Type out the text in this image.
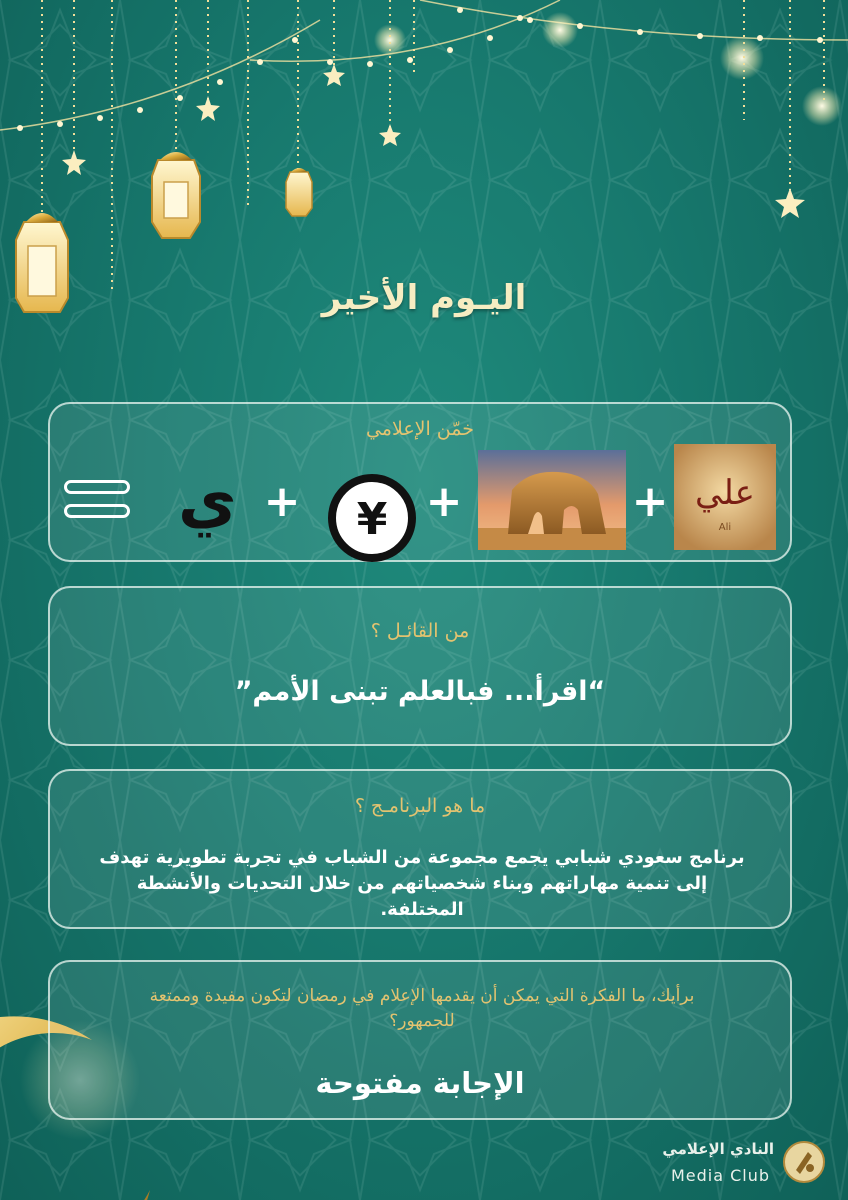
اليـوم الأخير
خمّن الإعلامي
ي + ¥ +	+ علي
Ali
من القائـل ؟
“اقرأ... فبالعلم تبنى الأمم”
ما هو البرنامـج ؟
برنامج سعودي شبابي يجمع مجموعة من الشباب في تجربة تطويرية تهدف إلى تنمية مهاراتهم وبناء شخصياتهم من خلال التحديات والأنشطة المختلفة.
برأيك، ما الفكرة التي يمكن أن يقدمها الإعلام في رمضان لتكون مفيدة وممتعة للجمهور؟
الإجابة مفتوحة
النادي الإعلامي
Media Club
